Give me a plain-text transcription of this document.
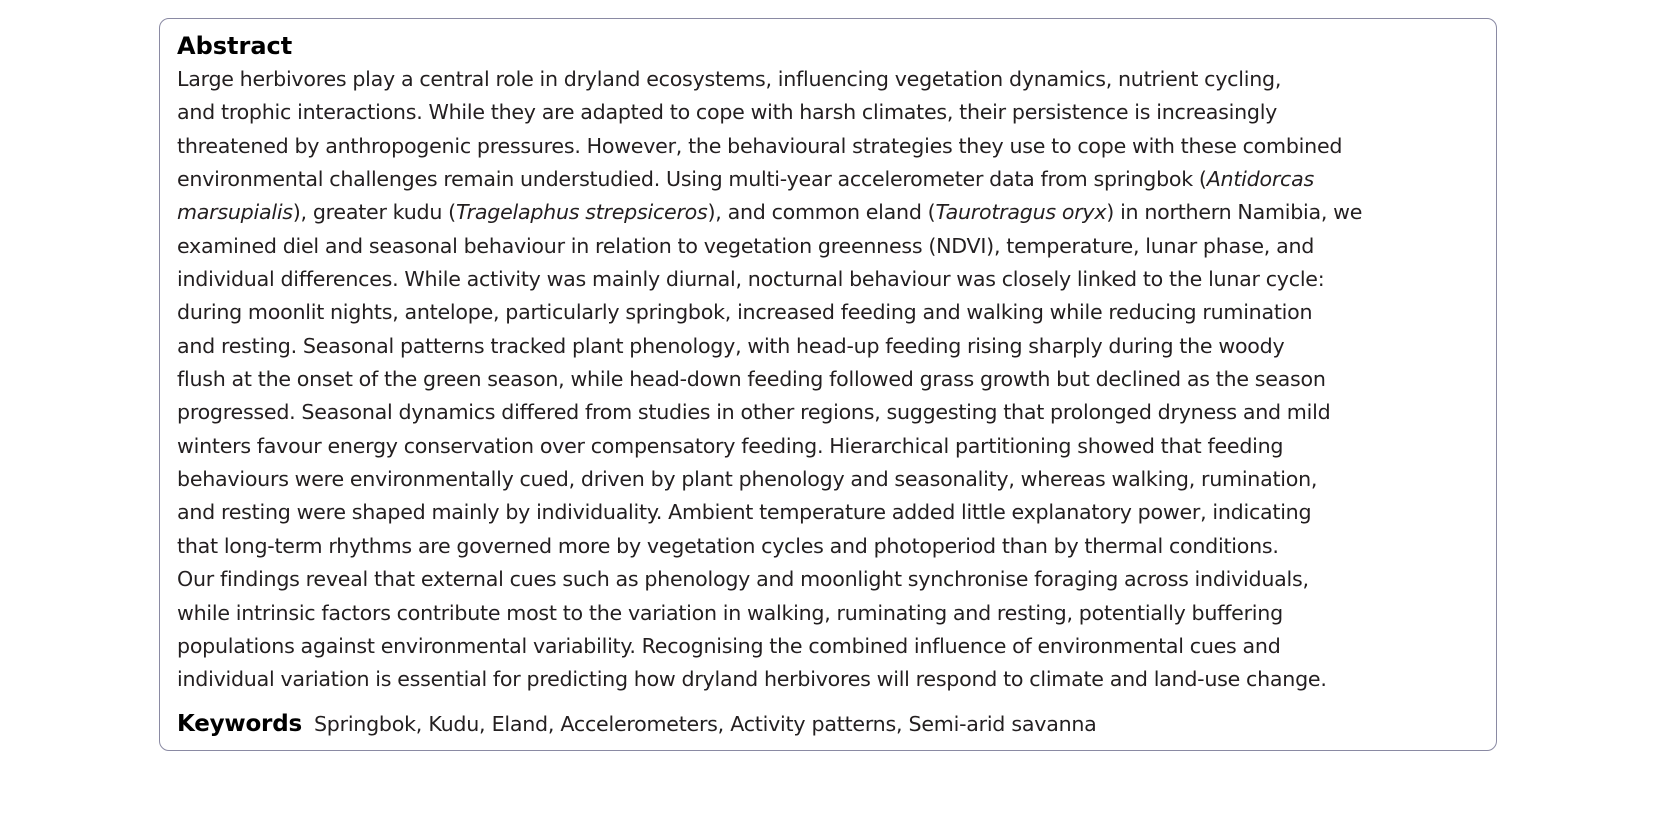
Abstract
Large herbivores play a central role in dryland ecosystems, influencing vegetation dynamics, nutrient cycling,
and trophic interactions. While they are adapted to cope with harsh climates, their persistence is increasingly
threatened by anthropogenic pressures. However, the behavioural strategies they use to cope with these combined
environmental challenges remain understudied. Using multi-year accelerometer data from springbok (Antidorcas
marsupialis), greater kudu (Tragelaphus strepsiceros), and common eland (Taurotragus oryx) in northern Namibia, we
examined diel and seasonal behaviour in relation to vegetation greenness (NDVI), temperature, lunar phase, and
individual differences. While activity was mainly diurnal, nocturnal behaviour was closely linked to the lunar cycle:
during moonlit nights, antelope, particularly springbok, increased feeding and walking while reducing rumination
and resting. Seasonal patterns tracked plant phenology, with head-up feeding rising sharply during the woody
flush at the onset of the green season, while head-down feeding followed grass growth but declined as the season
progressed. Seasonal dynamics differed from studies in other regions, suggesting that prolonged dryness and mild
winters favour energy conservation over compensatory feeding. Hierarchical partitioning showed that feeding
behaviours were environmentally cued, driven by plant phenology and seasonality, whereas walking, rumination,
and resting were shaped mainly by individuality. Ambient temperature added little explanatory power, indicating
that long-term rhythms are governed more by vegetation cycles and photoperiod than by thermal conditions.
Our findings reveal that external cues such as phenology and moonlight synchronise foraging across individuals,
while intrinsic factors contribute most to the variation in walking, ruminating and resting, potentially buffering
populations against environmental variability. Recognising the combined influence of environmental cues and
individual variation is essential for predicting how dryland herbivores will respond to climate and land-use change.
Keywords Springbok, Kudu, Eland, Accelerometers, Activity patterns, Semi-arid savanna
